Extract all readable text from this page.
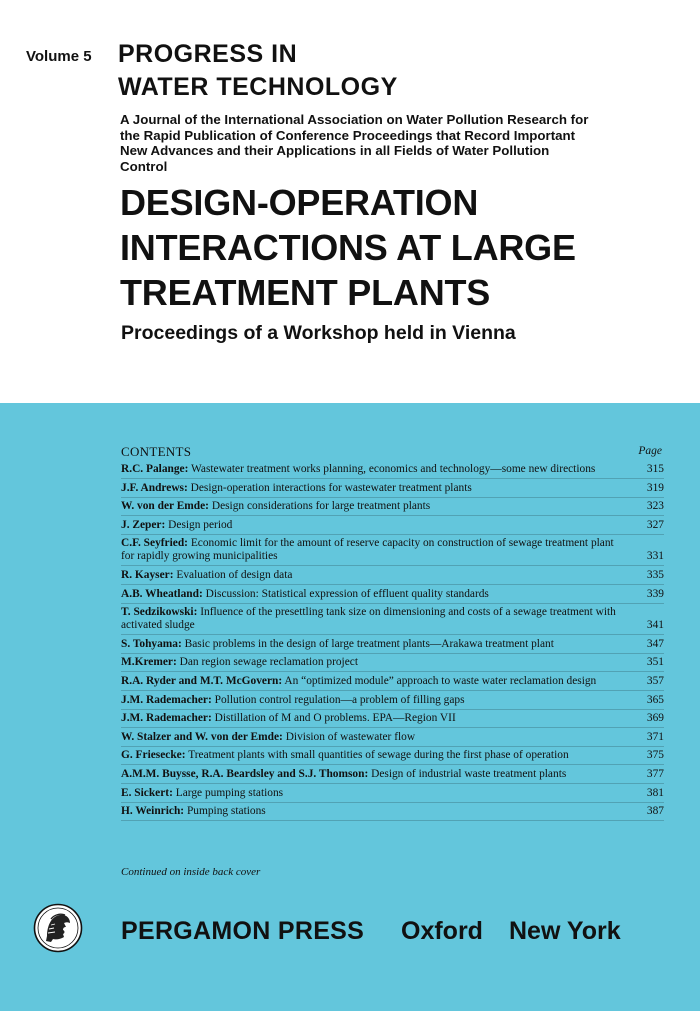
Volume 5 PROGRESS IN
WATER TECHNOLOGY
A Journal of the International Association on Water Pollution Research for the Rapid Publication of Conference Proceedings that Record Important New Advances and their Applications in all Fields of Water Pollution Control
DESIGN-OPERATION
INTERACTIONS AT LARGE
TREATMENT PLANTS
Proceedings of a Workshop held in Vienna
CONTENTS	Page
R.C. Palange: Wastewater treatment works planning, economics and technology—some new directions	315
J.F. Andrews: Design-operation interactions for wastewater treatment plants	319
W. von der Emde: Design considerations for large treatment plants	323
J. Zeper: Design period	327
C.F. Seyfried: Economic limit for the amount of reserve capacity on construction of sewage treatment plant for rapidly growing municipalities	331
R. Kayser: Evaluation of design data	335
A.B. Wheatland: Discussion: Statistical expression of effluent quality standards	339
T. Sedzikowski: Influence of the presettling tank size on dimensioning and costs of a sewage treatment with activated sludge	341
S. Tohyama: Basic problems in the design of large treatment plants—Arakawa treatment plant	347
M.Kremer: Dan region sewage reclamation project	351
R.A. Ryder and M.T. McGovern: An “optimized module” approach to waste water reclamation design	357
J.M. Rademacher: Pollution control regulation—a problem of filling gaps	365
J.M. Rademacher: Distillation of M and O problems. EPA—Region VII	369
W. Stalzer and W. von der Emde: Division of wastewater flow	371
G. Friesecke: Treatment plants with small quantities of sewage during the first phase of operation	375
A.M.M. Buysse, R.A. Beardsley and S.J. Thomson: Design of industrial waste treatment plants	377
E. Sickert: Large pumping stations	381
H. Weinrich: Pumping stations	387
Continued on inside back cover
PERGAMON PRESS Oxford New York
